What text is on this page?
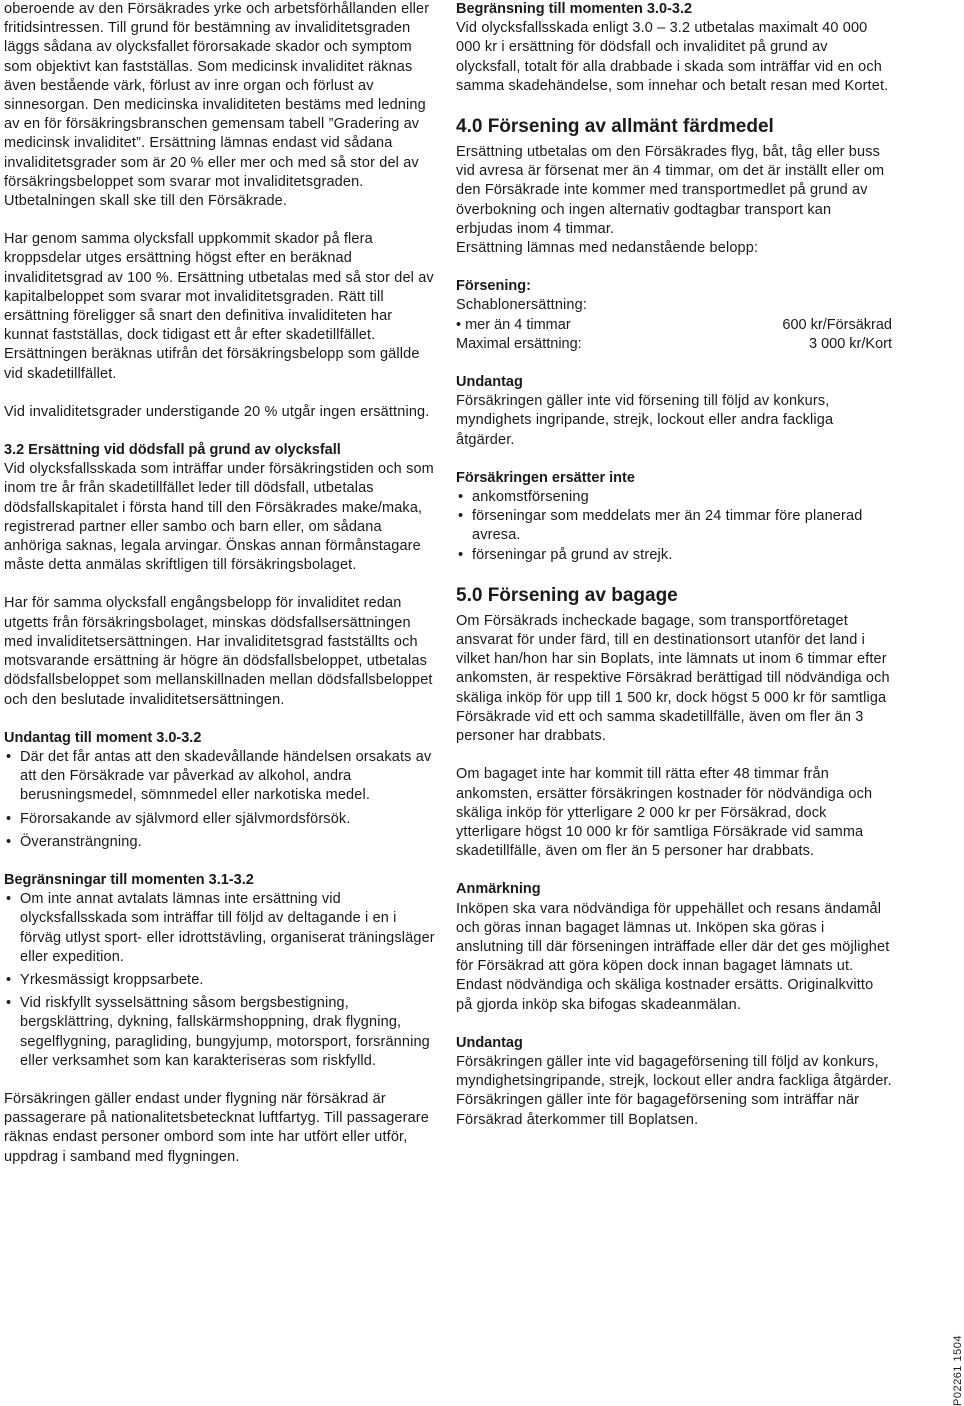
oberoende av den Försäkrades yrke och arbetsförhållanden eller fritidsintressen. Till grund för bestämning av invaliditetsgraden läggs sådana av olycksfallet förorsakade skador och symptom som objektivt kan fastställas. Som medicinsk invaliditet räknas även bestående värk, förlust av inre organ och förlust av sinnesorgan. Den medicinska invaliditeten bestäms med ledning av en för försäkringsbranschen gemensam tabell ”Gradering av medicinsk invaliditet”. Ersättning lämnas endast vid sådana invaliditetsgrader som är 20 % eller mer och med så stor del av försäkringsbeloppet som svarar mot invaliditetsgraden. Utbetalningen skall ske till den Försäkrade.

Har genom samma olycksfall uppkommit skador på flera kroppsdelar utges ersättning högst efter en beräknad invaliditetsgrad av 100 %. Ersättning utbetalas med så stor del av kapitalbeloppet som svarar mot invaliditetsgraden. Rätt till ersättning föreligger så snart den definitiva invaliditeten har kunnat fastställas, dock tidigast ett år efter skadetillfället. Ersättningen beräknas utifrån det försäkringsbelopp som gällde vid skadetillfället.

Vid invaliditetsgrader understigande 20 % utgår ingen ersättning.

3.2 Ersättning vid dödsfall på grund av olycksfall

Vid olycksfallsskada som inträffar under försäkringstiden och som inom tre år från skadetillfället leder till dödsfall, utbetalas dödsfallskapitalet i första hand till den Försäkrades make/maka, registrerad partner eller sambo och barn eller, om sådana anhöriga saknas, legala arvingar. Önskas annan förmånstagare måste detta anmälas skriftligen till försäkringsbolaget.

Har för samma olycksfall engångsbelopp för invaliditet redan utgetts från försäkringsbolaget, minskas dödsfallsersättningen med invaliditetsersättningen. Har invaliditetsgrad fastställts och motsvarande ersättning är högre än dödsfallsbeloppet, utbetalas dödsfallsbeloppet som mellanskillnaden mellan dödsfallsbeloppet och den beslutade invaliditetsersättningen.

Undantag till moment 3.0-3.2
• Där det får antas att den skadevållande händelsen orsakats av att den Försäkrade var påverkad av alkohol, andra berusningsmedel, sömnmedel eller narkotiska medel.
• Förorsakande av självmord eller självmordsförsök.
• Överansträngning.
Begränsningar till momenten 3.1-3.2
• Om inte annat avtalats lämnas inte ersättning vid olycksfallsskada som inträffar till följd av deltagande i en i förväg utlyst sport- eller idrottstävling, organiserat träningsläger eller expedition.
• Yrkesmässigt kroppsarbete.
• Vid riskfyllt sysselsättning såsom bergsbestigning, bergsklättring, dykning, fallskärmshoppning, drak flygning, segelflygning, paragliding, bungyjump, motorsport, forsränning eller verksamhet som kan karakteriseras som riskfylld.

Försäkringen gäller endast under flygning när försäkrad är passagerare på nationalitetsbetecknat luftfartyg. Till passagerare räknas endast personer ombord som inte har utfört eller utför, uppdrag i samband med flygningen.

Begränsning till momenten 3.0-3.2

Vid olycksfallsskada enligt 3.0 – 3.2 utbetalas maximalt 40 000 000 kr i ersättning för dödsfall och invaliditet på grund av olycksfall, totalt för alla drabbade i skada som inträffar vid en och samma skadehändelse, som innehar och betalt resan med Kortet.

4.0 Försening av allmänt färdmedel

Ersättning utbetalas om den Försäkrades flyg, båt, tåg eller buss vid avresa är försenat mer än 4 timmar, om det är inställt eller om den Försäkrade inte kommer med transportmedlet på grund av överbokning och ingen alternativ godtagbar transport kan erbjudas inom 4 timmar.

Ersättning lämnas med nedanstående belopp:

Försening:
Schablonersättning:
• mer än 4 timmar	600 kr/Försäkrad
Maximal ersättning:	3 000 kr/Kort
Undantag

Försäkringen gäller inte vid försening till följd av konkurs, myndighets ingripande, strejk, lockout eller andra fackliga åtgärder.

Försäkringen ersätter inte
• ankomstförsening
• förseningar som meddelats mer än 24 timmar före planerad avresa.
• förseningar på grund av strejk.
5.0 Försening av bagage

Om Försäkrads incheckade bagage, som transportföretaget ansvarat för under färd, till en destinationsort utanför det land i vilket han/hon har sin Boplats, inte lämnats ut inom 6 timmar efter ankomsten, är respektive Försäkrad berättigad till nödvändiga och skäliga inköp för upp till 1 500 kr, dock högst 5 000 kr för samtliga Försäkrade vid ett och samma skadetillfälle, även om fler än 3 personer har drabbats.

Om bagaget inte har kommit till rätta efter 48 timmar från ankomsten, ersätter försäkringen kostnader för nödvändiga och skäliga inköp för ytterligare 2 000 kr per Försäkrad, dock ytterligare högst 10 000 kr för samtliga Försäkrade vid samma skadetillfälle, även om fler än 5 personer har drabbats.

Anmärkning

Inköpen ska vara nödvändiga för uppehället och resans ändamål och göras innan bagaget lämnas ut. Inköpen ska göras i anslutning till där förseningen inträffade eller där det ges möjlighet för Försäkrad att göra köpen dock innan bagaget lämnats ut. Endast nödvändiga och skäliga kostnader ersätts. Originalkvitto på gjorda inköp ska bifogas skadeanmälan.

Undantag

Försäkringen gäller inte vid bagageförsening till följd av konkurs, myndighetsingripande, strejk, lockout eller andra fackliga åtgärder. Försäkringen gäller inte för bagageförsening som inträffar när Försäkrad återkommer till Boplatsen.

P02261 1504
